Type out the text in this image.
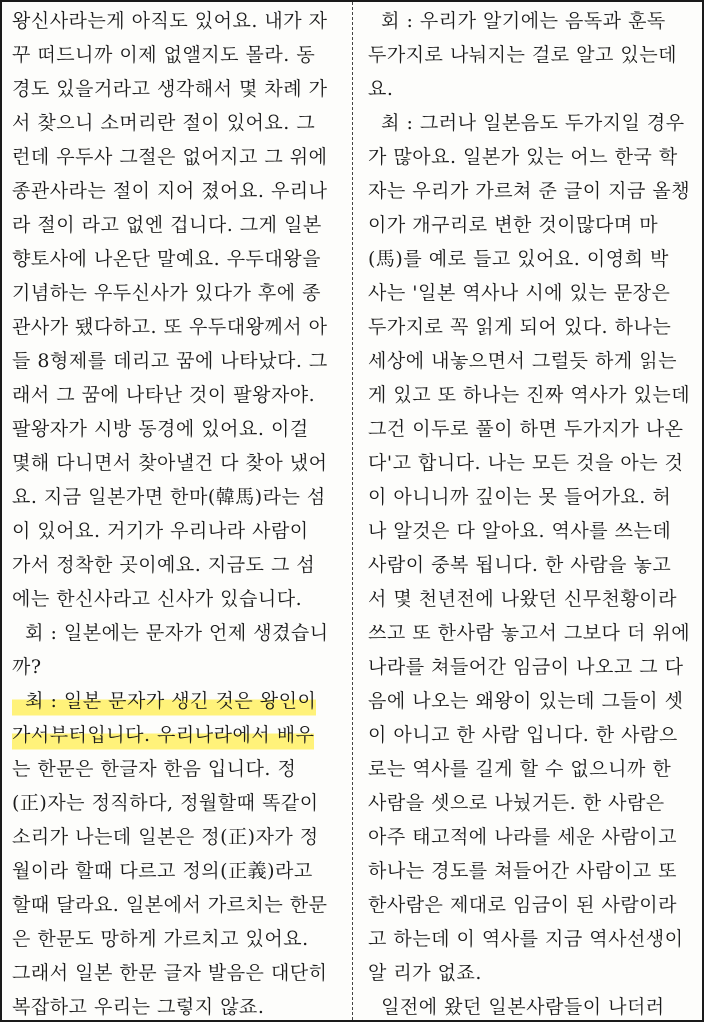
왕신사라는게 아직도 있어요. 내가 자
꾸 떠드니까 이제 없앨지도 몰라. 동
경도 있을거라고 생각해서 몇 차례 가
서 찾으니 소머리란 절이 있어요. 그
런데 우두사 그절은 없어지고 그 위에
종관사라는 절이 지어 졌어요. 우리나
라 절이 라고 없엔 겁니다. 그게 일본
향토사에 나온단 말예요. 우두대왕을
기념하는 우두신사가 있다가 후에 종
관사가 됐다하고. 또 우두대왕께서 아
들 8형제를 데리고 꿈에 나타났다. 그
래서 그 꿈에 나타난 것이 팔왕자야.
팔왕자가 시방 동경에 있어요. 이걸
몇해 다니면서 찾아낼건 다 찾아 냈어
요. 지금 일본가면 한마(韓馬)라는 섬
이 있어요. 거기가 우리나라 사람이
가서 정착한 곳이예요. 지금도 그 섬
에는 한신사라고 신사가 있습니다.
회 : 일본에는 문자가 언제 생겼습니
까?
최 : 일본 문자가 생긴 것은 왕인이
가서부터입니다. 우리나라에서 배우
는 한문은 한글자 한음 입니다. 정
(正)자는 정직하다, 정월할때 똑같이
소리가 나는데 일본은 정(正)자가 정
월이라 할때 다르고 정의(正義)라고
할때 달라요. 일본에서 가르치는 한문
은 한문도 망하게 가르치고 있어요.
그래서 일본 한문 글자 발음은 대단히
복잡하고 우리는 그렇지 않죠.
회 : 우리가 알기에는 음독과 훈독
두가지로 나눠지는 걸로 알고 있는데
요.
최 : 그러나 일본음도 두가지일 경우
가 많아요. 일본가 있는 어느 한국 학
자는 우리가 가르쳐 준 글이 지금 올챙
이가 개구리로 변한 것이많다며 마
(馬)를 예로 들고 있어요. 이영희 박
사는 '일본 역사나 시에 있는 문장은
두가지로 꼭 읽게 되어 있다. 하나는
세상에 내놓으면서 그럴듯 하게 읽는
게 있고 또 하나는 진짜 역사가 있는데
그건 이두로 풀이 하면 두가지가 나온
다'고 합니다. 나는 모든 것을 아는 것
이 아니니까 깊이는 못 들어가요. 허
나 알것은 다 알아요. 역사를 쓰는데
사람이 중복 됩니다. 한 사람을 놓고
서 몇 천년전에 나왔던 신무천황이라
쓰고 또 한사람 놓고서 그보다 더 위에
나라를 쳐들어간 임금이 나오고 그 다
음에 나오는 왜왕이 있는데 그들이 셋
이 아니고 한 사람 입니다. 한 사람으
로는 역사를 길게 할 수 없으니까 한
사람을 셋으로 나눴거든. 한 사람은
아주 태고적에 나라를 세운 사람이고
하나는 경도를 쳐들어간 사람이고 또
한사람은 제대로 임금이 된 사람이라
고 하는데 이 역사를 지금 역사선생이
알 리가 없죠.
일전에 왔던 일본사람들이 나더러
